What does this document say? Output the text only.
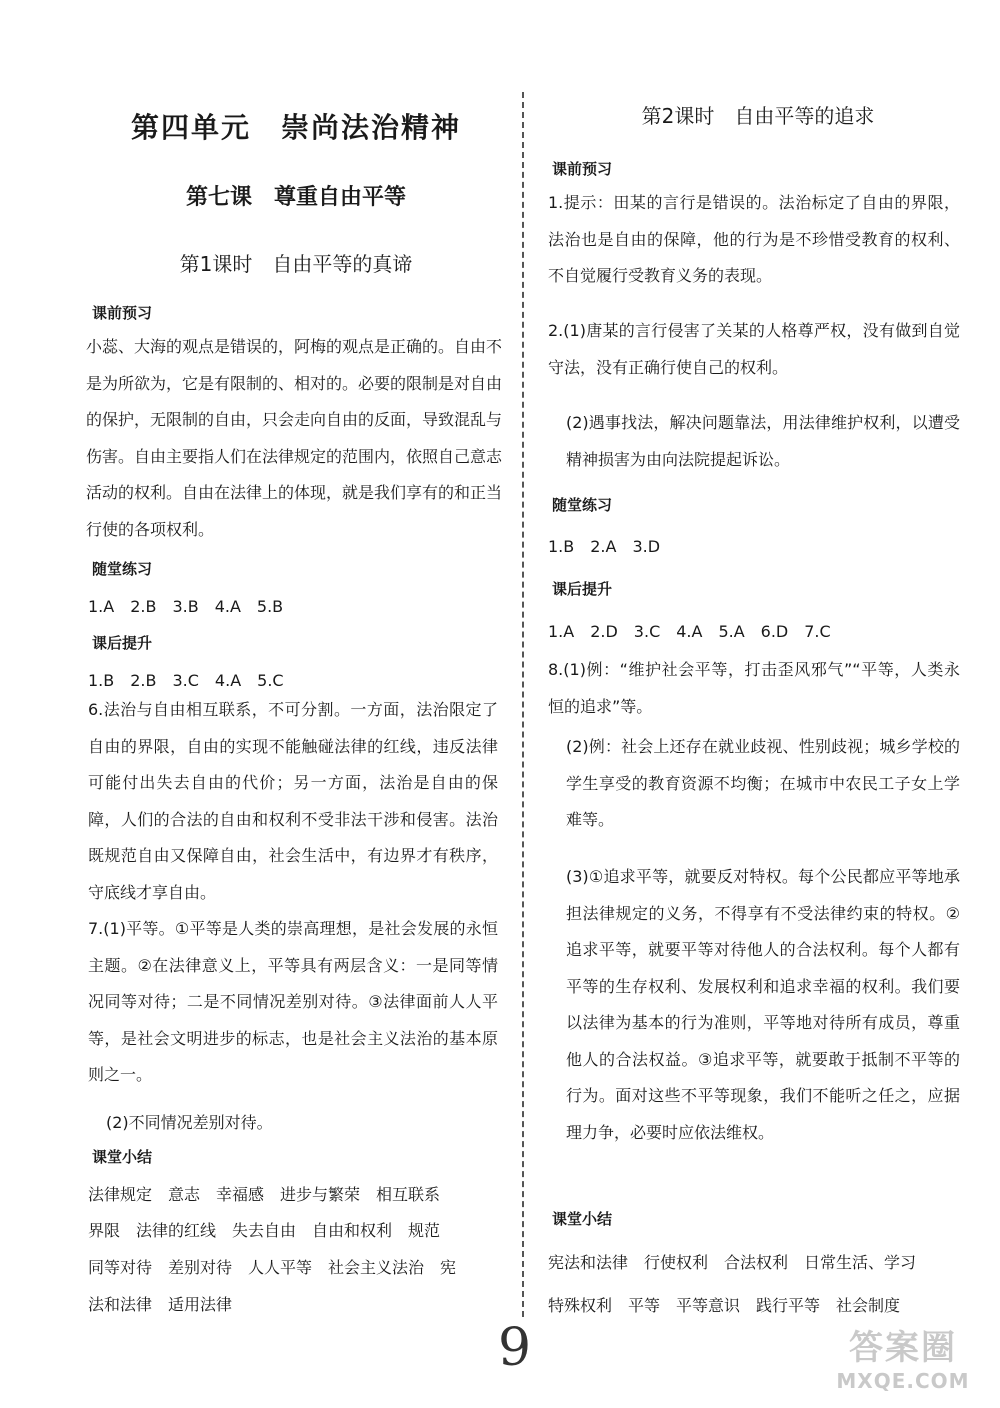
第四单元　崇尚法治精神
第七课　尊重自由平等
第1课时　自由平等的真谛
课前预习
小蕊、大海的观点是错误的，阿梅的观点是正确的。自由不是为所欲为，它是有限制的、相对的。必要的限制是对自由的保护，无限制的自由，只会走向自由的反面，导致混乱与伤害。自由主要指人们在法律规定的范围内，依照自己意志活动的权利。自由在法律上的体现，就是我们享有的和正当行使的各项权利。
随堂练习
1.A　2.B　3.B　4.A　5.B
课后提升
1.B　2.B　3.C　4.A　5.C
6.法治与自由相互联系，不可分割。一方面，法治限定了自由的界限，自由的实现不能触碰法律的红线，违反法律可能付出失去自由的代价；另一方面，法治是自由的保障，人们的合法的自由和权利不受非法干涉和侵害。法治既规范自由又保障自由，社会生活中，有边界才有秩序，守底线才享自由。
7.(1)平等。①平等是人类的崇高理想，是社会发展的永恒主题。②在法律意义上，平等具有两层含义：一是同等情况同等对待；二是不同情况差别对待。③法律面前人人平等，是社会文明进步的标志，也是社会主义法治的基本原则之一。
(2)不同情况差别对待。
课堂小结
法律规定　意志　幸福感　进步与繁荣　相互联系
界限　法律的红线　失去自由　自由和权利　规范
同等对待　差别对待　人人平等　社会主义法治　宪
法和法律　适用法律
第2课时　自由平等的追求
课前预习
1.提示：田某的言行是错误的。法治标定了自由的界限，法治也是自由的保障，他的行为是不珍惜受教育的权利、不自觉履行受教育义务的表现。
2.(1)唐某的言行侵害了关某的人格尊严权，没有做到自觉守法，没有正确行使自己的权利。
(2)遇事找法，解决问题靠法，用法律维护权利，以遭受精神损害为由向法院提起诉讼。
随堂练习
1.B　2.A　3.D
课后提升
1.A　2.D　3.C　4.A　5.A　6.D　7.C
8.(1)例：“维护社会平等，打击歪风邪气”“平等，人类永恒的追求”等。
(2)例：社会上还存在就业歧视、性别歧视；城乡学校的学生享受的教育资源不均衡；在城市中农民工子女上学难等。
(3)①追求平等，就要反对特权。每个公民都应平等地承担法律规定的义务，不得享有不受法律约束的特权。②追求平等，就要平等对待他人的合法权利。每个人都有平等的生存权利、发展权利和追求幸福的权利。我们要以法律为基本的行为准则，平等地对待所有成员，尊重他人的合法权益。③追求平等，就要敢于抵制不平等的行为。面对这些不平等现象，我们不能听之任之，应据理力争，必要时应依法维权。
课堂小结
宪法和法律　行使权利　合法权利　日常生活、学习
特殊权利　平等　平等意识　践行平等　社会制度
9	答案圈
MXQE.COM
